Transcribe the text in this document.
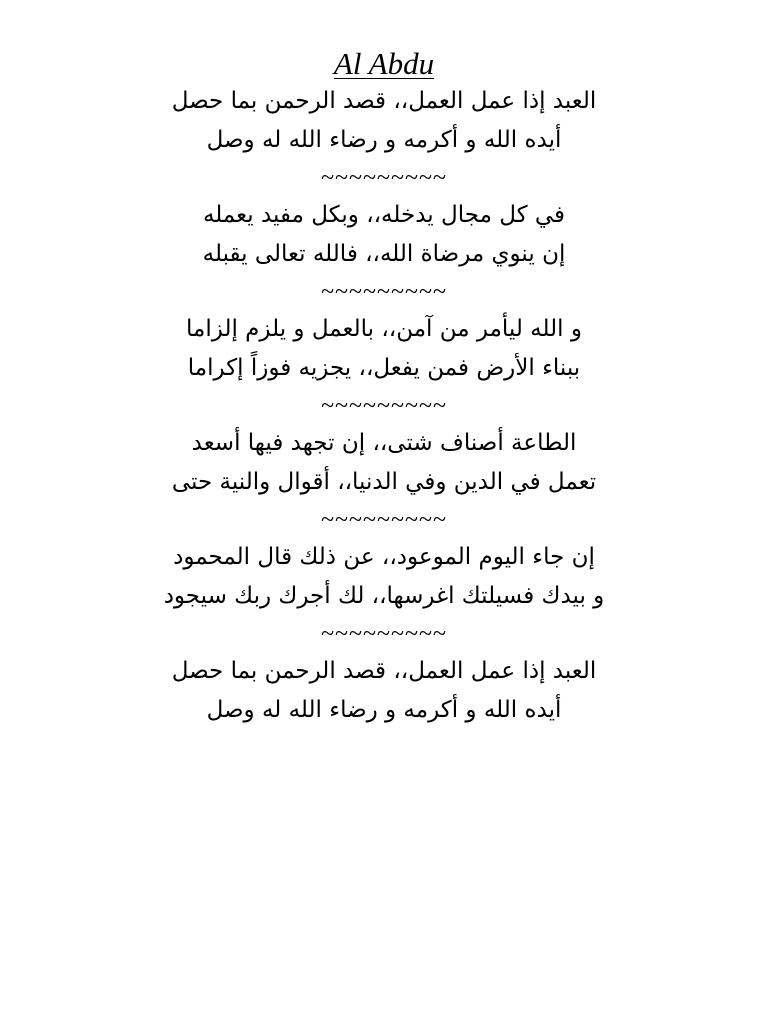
Al Abdu
العبد إذا عمل العمل،، قصد الرحمن بما حصل
أيده الله و أكرمه و رضاء الله له وصل
~~~~~~~~~
في كل مجال يدخله،، وبكل مفيد يعمله
إن ينوي مرضاة الله،، فالله تعالى يقبله
~~~~~~~~~
و الله ليأمر من آمن،، بالعمل و يلزم إلزاما
ببناء الأرض فمن يفعل،، يجزيه فوزاً إكراما
~~~~~~~~~
الطاعة أصناف شتى،، إن تجهد فيها أسعد
تعمل في الدين وفي الدنيا،، أقوال والنية حتى
~~~~~~~~~
إن جاء اليوم الموعود،، عن ذلك قال المحمود
و بيدك فسيلتك اغرسها،، لك أجرك ربك سيجود
~~~~~~~~~
العبد إذا عمل العمل،، قصد الرحمن بما حصل
أيده الله و أكرمه و رضاء الله له وصل
